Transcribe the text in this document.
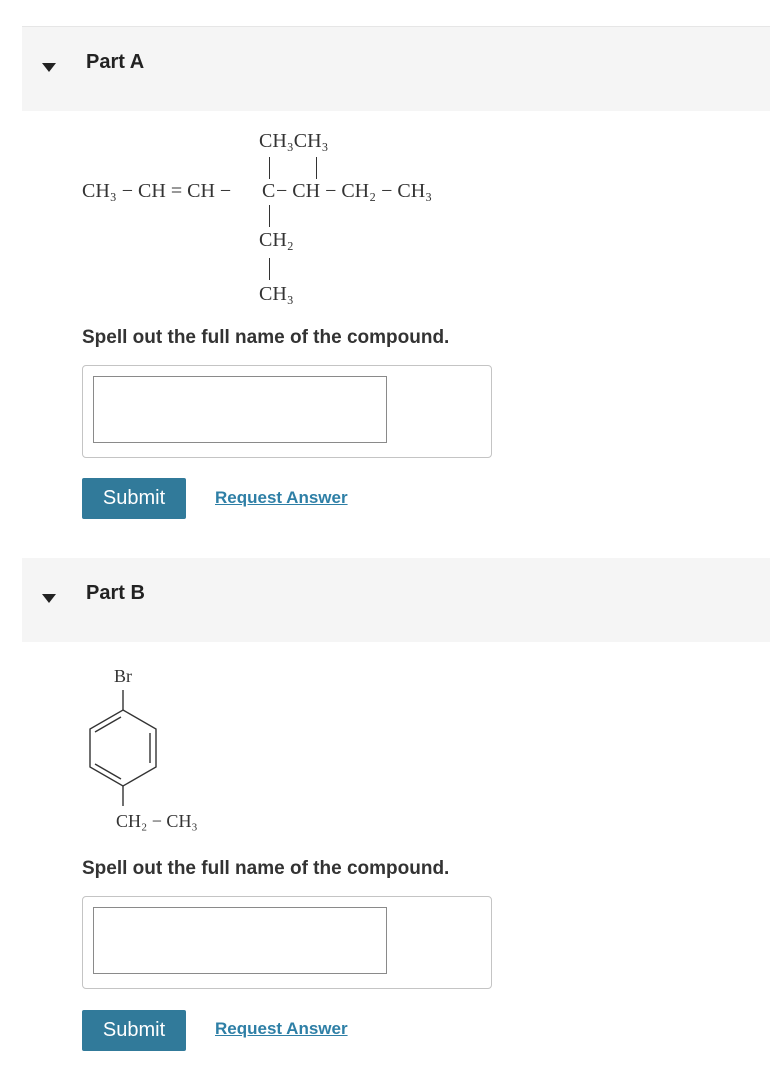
Part A
CH₃CH₃
CH₃ − CH = CH − C − CH − CH₂ − CH₃
CH₂
CH₃
Spell out the full name of the compound.
Submit	Request Answer
Part B
Br
CH₂ − CH₃
Spell out the full name of the compound.
Submit	Request Answer
